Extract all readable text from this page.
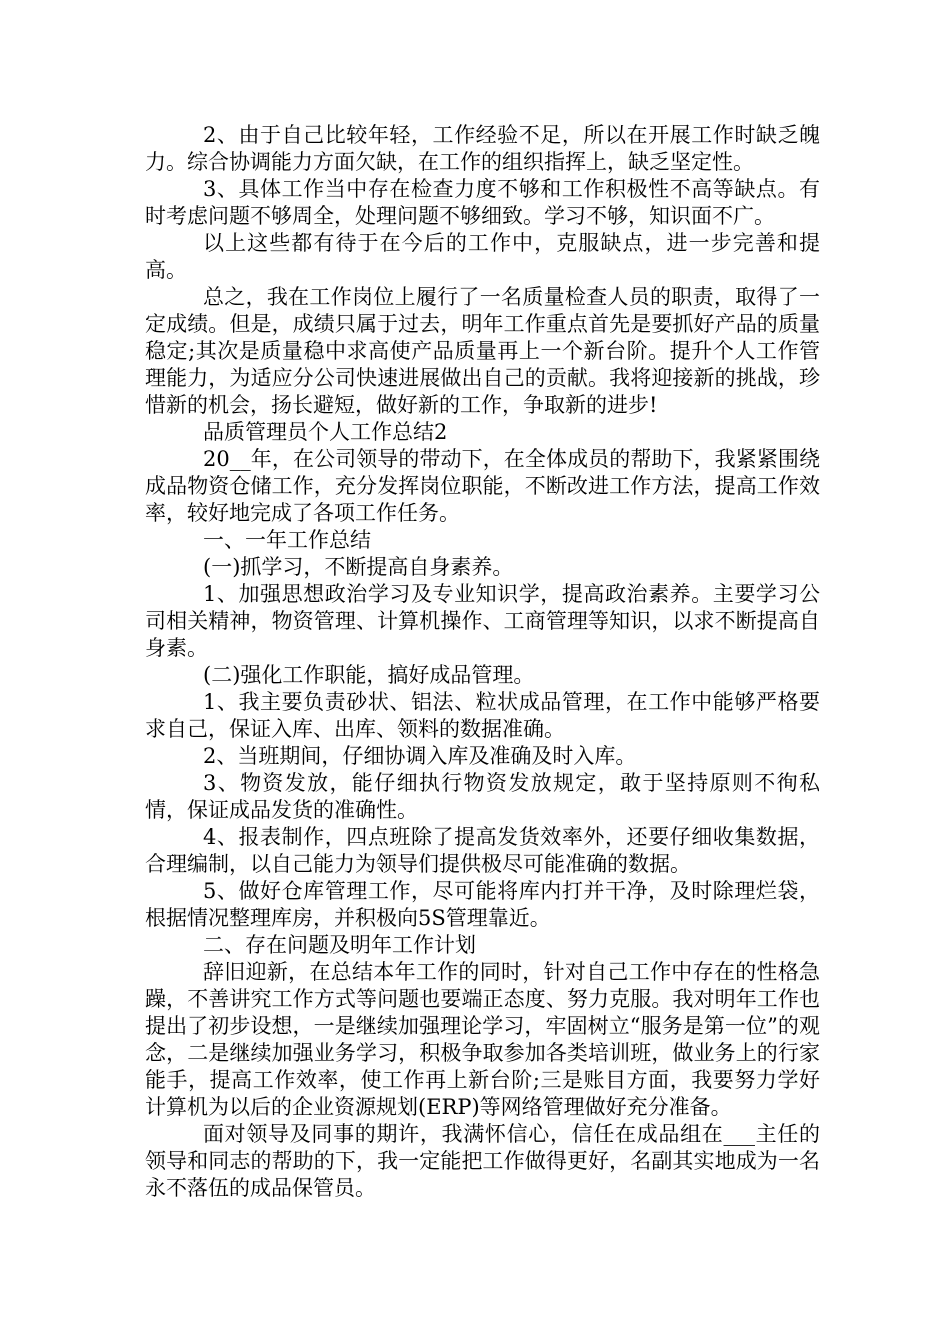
2、由于自己比较年轻，工作经验不足，所以在开展工作时缺乏魄力。综合协调能力方面欠缺，在工作的组织指挥上，缺乏坚定性。

3、具体工作当中存在检查力度不够和工作积极性不高等缺点。有时考虑问题不够周全，处理问题不够细致。学习不够，知识面不广。

以上这些都有待于在今后的工作中，克服缺点，进一步完善和提高。

总之，我在工作岗位上履行了一名质量检查人员的职责，取得了一定成绩。但是，成绩只属于过去，明年工作重点首先是要抓好产品的质量稳定;其次是质量稳中求高使产品质量再上一个新台阶。提升个人工作管理能力，为适应分公司快速进展做出自己的贡献。我将迎接新的挑战，珍惜新的机会，扬长避短，做好新的工作，争取新的进步!

品质管理员个人工作总结2

20__年，在公司领导的带动下，在全体成员的帮助下，我紧紧围绕成品物资仓储工作，充分发挥岗位职能，不断改进工作方法，提高工作效率，较好地完成了各项工作任务。

一、一年工作总结

(一)抓学习，不断提高自身素养。

1、加强思想政治学习及专业知识学，提高政治素养。主要学习公司相关精神，物资管理、计算机操作、工商管理等知识，以求不断提高自身素。

(二)强化工作职能，搞好成品管理。

1、我主要负责砂状、铝法、粒状成品管理，在工作中能够严格要求自己，保证入库、出库、领料的数据准确。

2、当班期间，仔细协调入库及准确及时入库。

3、物资发放，能仔细执行物资发放规定，敢于坚持原则不徇私情，保证成品发货的准确性。

4、报表制作，四点班除了提高发货效率外，还要仔细收集数据，合理编制，以自己能力为领导们提供极尽可能准确的数据。

5、做好仓库管理工作，尽可能将库内打并干净，及时除理烂袋，根据情况整理库房，并积极向5S管理靠近。

二、存在问题及明年工作计划

辞旧迎新，在总结本年工作的同时，针对自己工作中存在的性格急躁，不善讲究工作方式等问题也要端正态度、努力克服。我对明年工作也提出了初步设想，一是继续加强理论学习，牢固树立“服务是第一位”的观念，二是继续加强业务学习，积极争取参加各类培训班，做业务上的行家能手，提高工作效率，使工作再上新台阶;三是账目方面，我要努力学好计算机为以后的企业资源规划(ERP)等网络管理做好充分准备。

面对领导及同事的期许，我满怀信心，信任在成品组在___主任的领导和同志的帮助的下，我一定能把工作做得更好，名副其实地成为一名永不落伍的成品保管员。
